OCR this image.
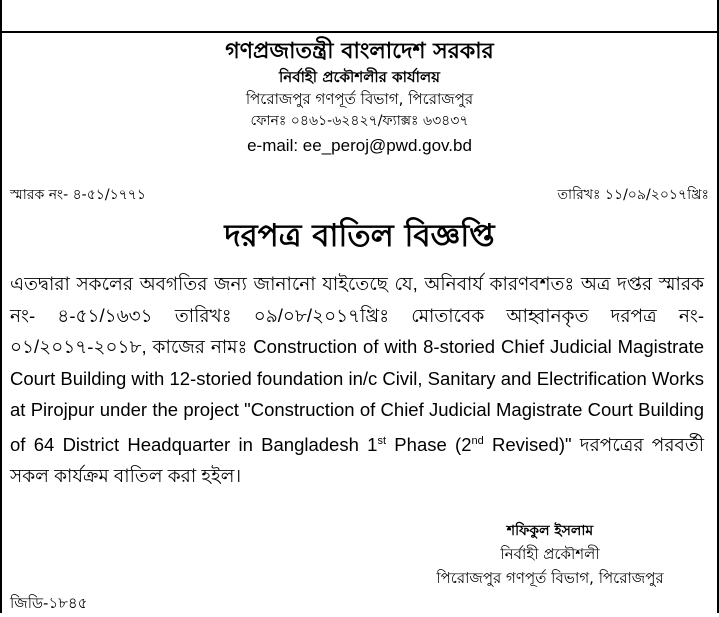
গণপ্রজাতন্ত্রী বাংলাদেশ সরকার
নির্বাহী প্রকৌশলীর কার্যালয়
পিরোজপুর গণপূর্ত বিভাগ, পিরোজপুর
ফোনঃ ০৪৬১-৬২৪২৭/ফ্যাক্সঃ ৬৩৪৩৭
e-mail: ee_peroj@pwd.gov.bd
স্মারক নং- ৪-৫১/১৭৭১	তারিখঃ ১১/০৯/২০১৭খ্রিঃ
দরপত্র বাতিল বিজ্ঞপ্তি
এতদ্বারা সকলের অবগতির জন্য জানানো যাইতেছে যে, অনিবার্য কারণবশতঃ অত্র দপ্তর স্মারক নং- ৪-৫১/১৬৩১ তারিখঃ ০৯/০৮/২০১৭খ্রিঃ মোতাবেক আহ্বানকৃত দরপত্র নং- ০১/২০১৭-২০১৮, কাজের নামঃ Construction of with 8-storied Chief Judicial Magistrate Court Building with 12-storied foundation in/c Civil, Sanitary and Electrification Works at Pirojpur under the project "Construction of Chief Judicial Magistrate Court Building of 64 District Headquarter in Bangladesh 1st Phase (2nd Revised)" দরপত্রের পরবর্তী সকল কার্যক্রম বাতিল করা হইল।
শফিকুল ইসলাম
নির্বাহী প্রকৌশলী
পিরোজপুর গণপূর্ত বিভাগ, পিরোজপুর
জিডি-১৮৪৫
